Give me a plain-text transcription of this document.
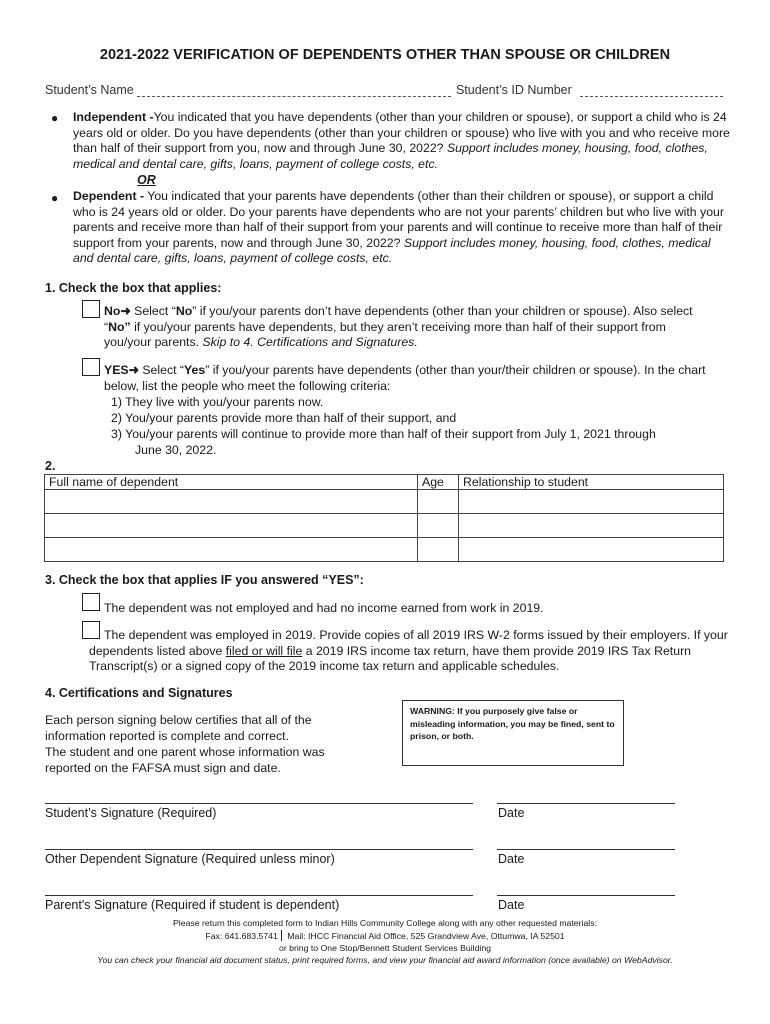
2021-2022 VERIFICATION OF DEPENDENTS OTHER THAN SPOUSE OR CHILDREN
Student’s Name	Student’s ID Number
● Independent -You indicated that you have dependents (other than your children or spouse), or support a child who is 24 years old or older. Do you have dependents (other than your children or spouse) who live with you and who receive more than half of their support from you, now and through June 30, 2022? Support includes money, housing, food, clothes, medical and dental care, gifts, loans, payment of college costs, etc.
OR
● Dependent - You indicated that your parents have dependents (other than their children or spouse), or support a child who is 24 years old or older. Do your parents have dependents who are not your parents’ children but who live with your parents and receive more than half of their support from your parents and will continue to receive more than half of their support from your parents, now and through June 30, 2022? Support includes money, housing, food, clothes, medical and dental care, gifts, loans, payment of college costs, etc.
1. Check the box that applies:
No➜ Select “No” if you/your parents don’t have dependents (other than your children or spouse). Also select “No” if you/your parents have dependents, but they aren’t receiving more than half of their support from you/your parents. Skip to 4. Certifications and Signatures.
YES➜ Select “Yes” if you/your parents have dependents (other than your/their children or spouse). In the chart below, list the people who meet the following criteria:
1) They live with you/your parents now.
2) You/your parents provide more than half of their support, and
3) You/your parents will continue to provide more than half of their support from July 1, 2021 through
June 30, 2022.
2.
Full name of dependent	Age	Relationship to student

3. Check the box that applies IF you answered “YES”:
The dependent was not employed and had no income earned from work in 2019.
The dependent was employed in 2019. Provide copies of all 2019 IRS W-2 forms issued by their employers. If your dependents listed above filed or will file a 2019 IRS income tax return, have them provide 2019 IRS Tax Return Transcript(s) or a signed copy of the 2019 income tax return and applicable schedules.
4. Certifications and Signatures
Each person signing below certifies that all of the information reported is complete and correct.
The student and one parent whose information was reported on the FAFSA must sign and date.
WARNING: If you purposely give false or misleading information, you may be fined, sent to prison, or both.
Student’s Signature (Required)	Date
Other Dependent Signature (Required unless minor)	Date
Parent's Signature (Required if student is dependent)	Date
Please return this completed form to Indian Hills Community College along with any other requested materials:
Fax: 641.683.5741 Mail: IHCC Financial Aid Office, 525 Grandview Ave, Ottumwa, IA 52501
or bring to One Stop/Bennett Student Services Building
You can check your financial aid document status, print required forms, and view your financial aid award information (once available) on WebAdvisor.
